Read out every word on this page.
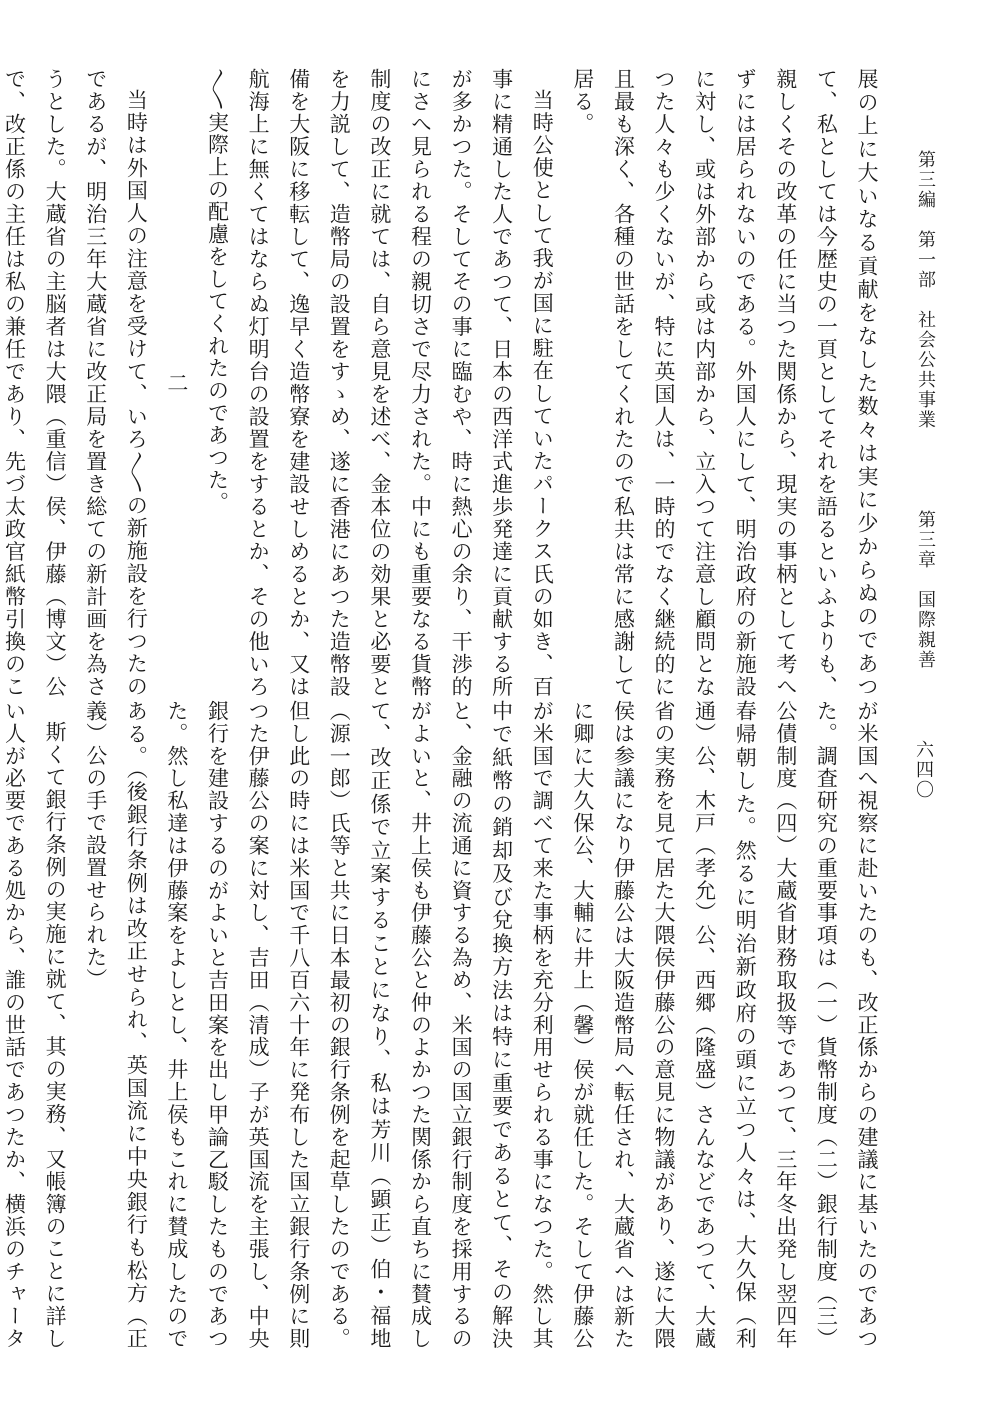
第三編　第一部　社会公共事業
第三章　国際親善
六四〇

展の上に大いなる貢献をなした数々は実に少からぬのであつて、私としては今歴史の一頁としてそれを語るといふよりも、親しくその改革の任に当つた関係から、現実の事柄として考へずには居られないのである。外国人にして、明治政府の新施設に対し、或は外部から或は内部から、立入つて注意し顧問となつた人々も少くないが、特に英国人は、一時的でなく継続的に且最も深く、各種の世話をしてくれたので私共は常に感謝して居る。

当時公使として我が国に駐在していたパークス氏の如き、百事に精通した人であつて、日本の西洋式進歩発達に貢献する所が多かつた。そしてその事に臨むや、時に熱心の余り、干渉的にさへ見られる程の親切さで尽力された。中にも重要なる貨幣制度の改正に就ては、自ら意見を述べ、金本位の効果と必要とを力説して、造幣局の設置をすゝめ、遂に香港にあつた造幣設備を大阪に移転して、逸早く造幣寮を建設せしめるとか、又は航海上に無くてはならぬ灯明台の設置をするとか、その他いろ〳〵実際上の配慮をしてくれたのであつた。

二

当時は外国人の注意を受けて、いろ〳〵の新施設を行つたのであるが、明治三年大蔵省に改正局を置き総ての新計画を為さうとした。大蔵省の主脳者は大隈（重信）侯、伊藤（博文）公で、改正係の主任は私の兼任であり、先づ太政官紙幣引換のこ

が米国へ視察に赴いたのも、改正係からの建議に基いたのであつた。調査研究の重要事項は（一）貨幣制度（二）銀行制度（三）公債制度（四）大蔵省財務取扱等であつて、三年冬出発し翌四年春帰朝した。然るに明治新政府の頭に立つ人々は、大久保（利通）公、木戸（孝允）公、西郷（隆盛）さんなどであつて、大蔵省の実務を見て居た大隈侯伊藤公の意見に物議があり、遂に大隈侯は参議になり伊藤公は大阪造幣局へ転任され、大蔵省へは新たに卿に大久保公、大輔に井上（馨）侯が就任した。そして伊藤公が米国で調べて来た事柄を充分利用せられる事になつた。然し其中で紙幣の銷却及び兌換方法は特に重要であるとて、その解決と、金融の流通に資する為め、米国の国立銀行制度を採用するのがよいと、井上侯も伊藤公と仲のよかつた関係から直ちに賛成して、改正係で立案することになり、私は芳川（顕正）伯・福地（源一郎）氏等と共に日本最初の銀行条例を起草したのである。但し此の時には米国で千八百六十年に発布した国立銀行条例に則つた伊藤公の案に対し、吉田（清成）子が英国流を主張し、中央銀行を建設するのがよいと吉田案を出し甲論乙駁したものであつた。然し私達は伊藤案をよしとし、井上侯もこれに賛成したのである。（後銀行条例は改正せられ、英国流に中央銀行も松方（正義）公の手で設置せられた）

斯くて銀行条例の実施に就て、其の実務、又帳簿のことに詳しい人が必要である処から、誰の世話であつたか、横浜のチャータ　　　　　　　
